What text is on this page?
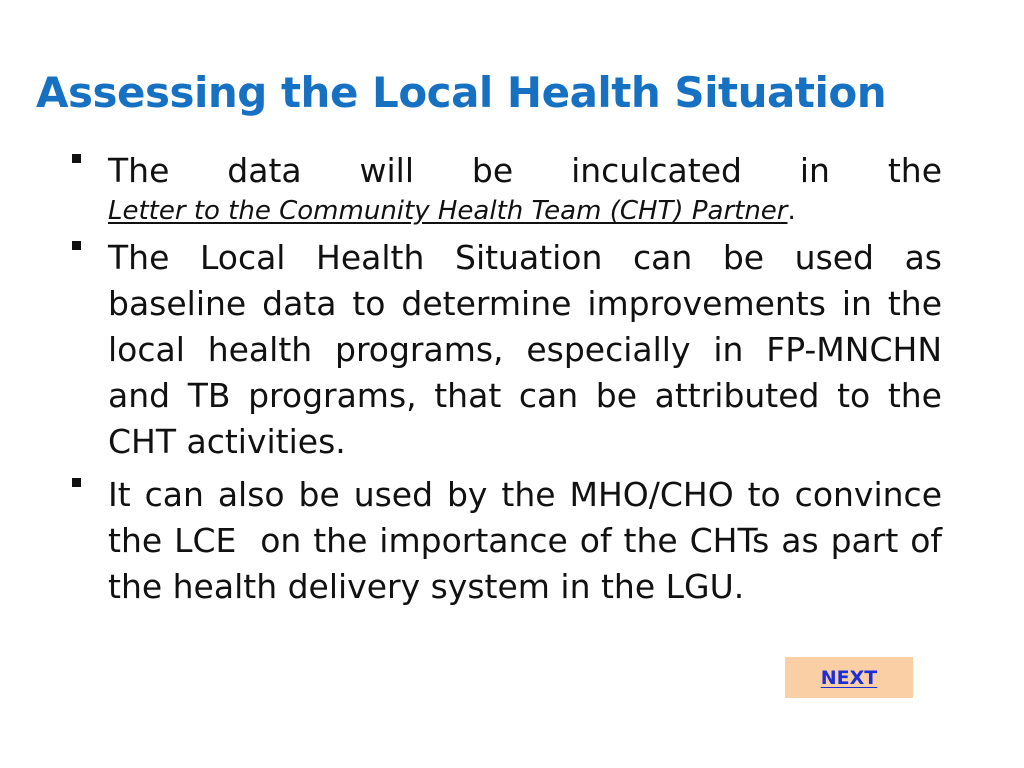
Assessing the Local Health Situation
The data will be inculcated in the
Letter to the Community Health Team (CHT) Partner.
The Local Health Situation can be used as baseline data to determine improvements in the local health programs, especially in FP-MNCHN and TB programs, that can be attributed to the CHT activities.
It can also be used by the MHO/CHO to convince the LCE  on the importance of the CHTs as part of the health delivery system in the LGU.
NEXT
